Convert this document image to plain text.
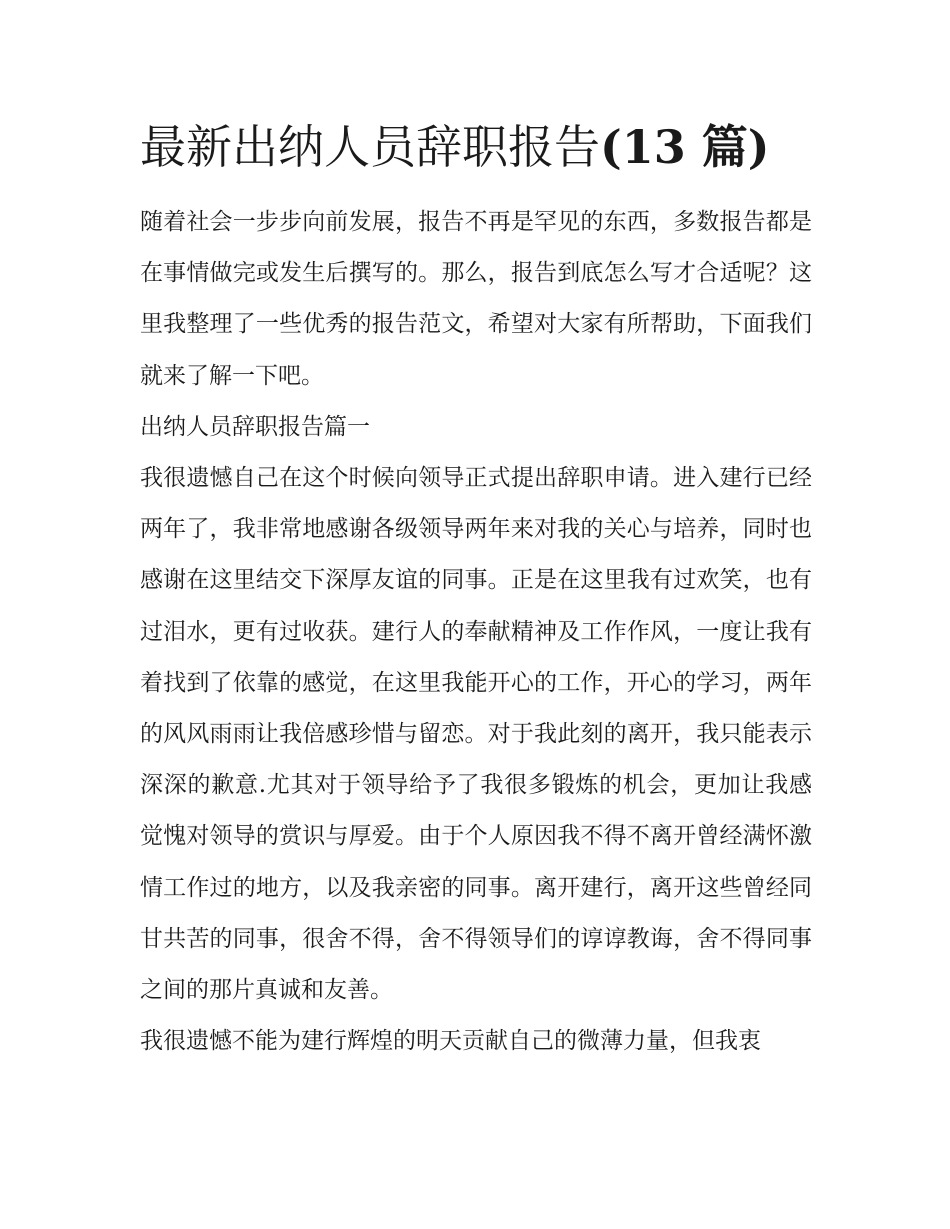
最新出纳人员辞职报告(13 篇)

随着社会一步步向前发展，报告不再是罕见的东西，多数报告都是在事情做完或发生后撰写的。那么，报告到底怎么写才合适呢？这里我整理了一些优秀的报告范文，希望对大家有所帮助，下面我们就来了解一下吧。

出纳人员辞职报告篇一

我很遗憾自己在这个时候向领导正式提出辞职申请。进入建行已经两年了，我非常地感谢各级领导两年来对我的关心与培养，同时也感谢在这里结交下深厚友谊的同事。正是在这里我有过欢笑，也有过泪水，更有过收获。建行人的奉献精神及工作作风，一度让我有着找到了依靠的感觉，在这里我能开心的工作，开心的学习，两年的风风雨雨让我倍感珍惜与留恋。对于我此刻的离开，我只能表示深深的歉意.尤其对于领导给予了我很多锻炼的机会，更加让我感觉愧对领导的赏识与厚爱。由于个人原因我不得不离开曾经满怀激情工作过的地方，以及我亲密的同事。离开建行，离开这些曾经同甘共苦的同事，很舍不得，舍不得领导们的谆谆教诲，舍不得同事之间的那片真诚和友善。

我很遗憾不能为建行辉煌的明天贡献自己的微薄力量，但我衷
